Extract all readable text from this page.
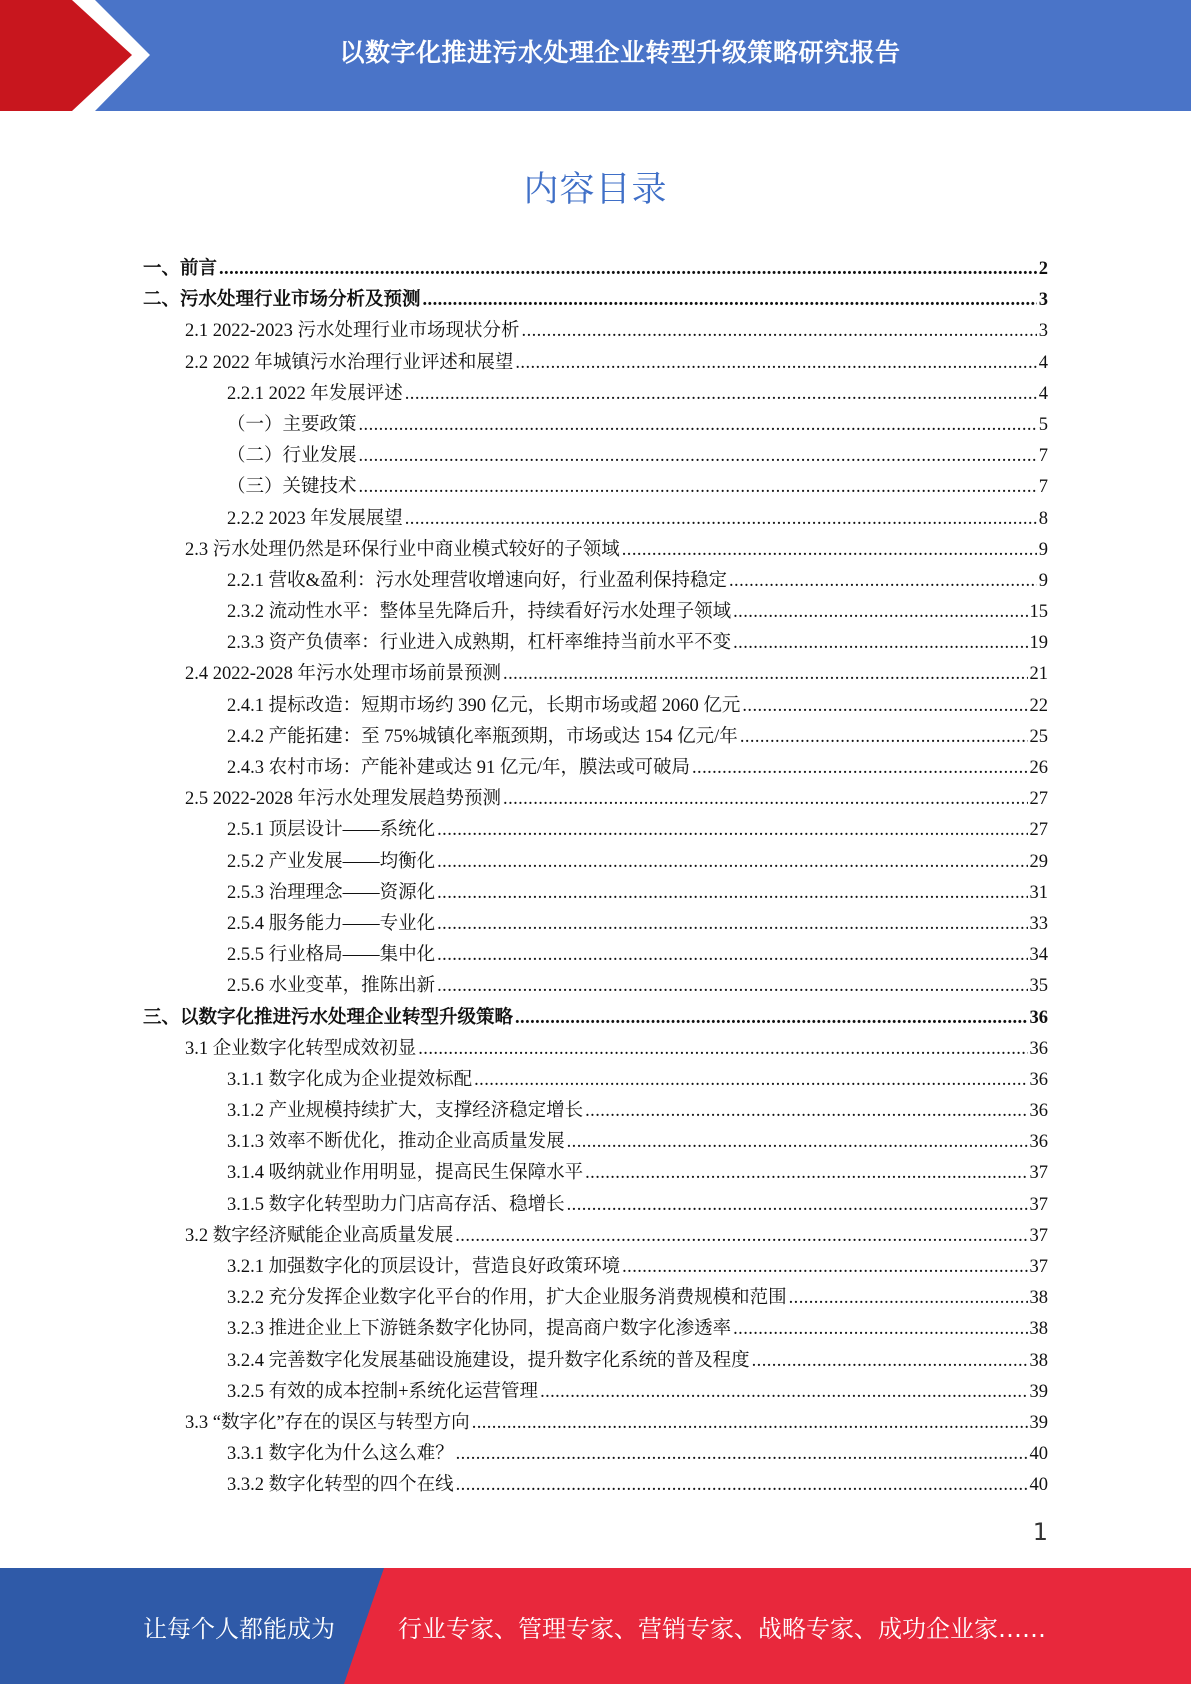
以数字化推进污水处理企业转型升级策略研究报告
内容目录
一、前言 .....	2
二、污水处理行业市场分析及预测 .....	3
2.1 2022-2023 污水处理行业市场现状分析 .....	3
2.2 2022 年城镇污水治理行业评述和展望 .....	4
2.2.1 2022 年发展评述 .....	4
（一）主要政策 .....	5
（二）行业发展 .....	7
（三）关键技术 .....	7
2.2.2 2023 年发展展望 .....	8
2.3 污水处理仍然是环保行业中商业模式较好的子领域 .....	9
2.2.1 营收&盈利：污水处理营收增速向好，行业盈利保持稳定 .....	9
2.3.2 流动性水平：整体呈先降后升，持续看好污水处理子领域 .....	15
2.3.3 资产负债率：行业进入成熟期，杠杆率维持当前水平不变 .....	19
2.4 2022-2028 年污水处理市场前景预测 .....	21
2.4.1 提标改造：短期市场约 390 亿元，长期市场或超 2060 亿元 .....	22
2.4.2 产能拓建：至 75%城镇化率瓶颈期，市场或达 154 亿元/年 .....	25
2.4.3 农村市场：产能补建或达 91 亿元/年，膜法或可破局 .....	26
2.5 2022-2028 年污水处理发展趋势预测 .....	27
2.5.1 顶层设计——系统化 .....	27
2.5.2 产业发展——均衡化 .....	29
2.5.3 治理理念——资源化 .....	31
2.5.4 服务能力——专业化 .....	33
2.5.5 行业格局——集中化 .....	34
2.5.6 水业变革，推陈出新 .....	35
三、以数字化推进污水处理企业转型升级策略 .....	36
3.1 企业数字化转型成效初显 .....	36
3.1.1 数字化成为企业提效标配 .....	36
3.1.2 产业规模持续扩大，支撑经济稳定增长 .....	36
3.1.3 效率不断优化，推动企业高质量发展 .....	36
3.1.4 吸纳就业作用明显，提高民生保障水平 .....	37
3.1.5 数字化转型助力门店高存活、稳增长 .....	37
3.2 数字经济赋能企业高质量发展 .....	37
3.2.1 加强数字化的顶层设计，营造良好政策环境 .....	37
3.2.2 充分发挥企业数字化平台的作用，扩大企业服务消费规模和范围 .....	38
3.2.3 推进企业上下游链条数字化协同，提高商户数字化渗透率 .....	38
3.2.4 完善数字化发展基础设施建设，提升数字化系统的普及程度 .....	38
3.2.5 有效的成本控制+系统化运营管理 .....	39
3.3 “数字化”存在的误区与转型方向 .....	39
3.3.1 数字化为什么这么难？ .....	40
3.3.2 数字化转型的四个在线 .....	40
1
让每个人都能成为	行业专家、管理专家、营销专家、战略专家、成功企业家……
